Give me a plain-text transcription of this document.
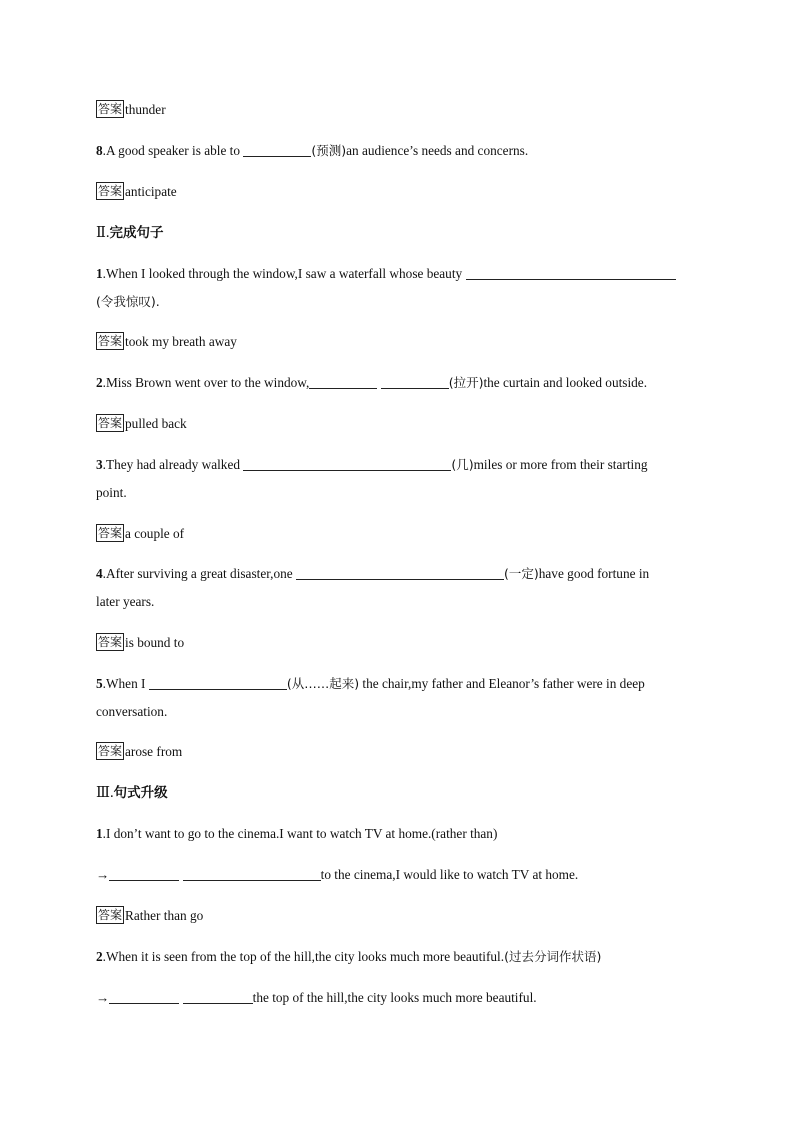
答案 thunder
8.A good speaker is able to	(预测)an audience’s needs and concerns.
答案 anticipate
Ⅱ.完成句子
1.When I looked through the window,I saw a waterfall whose beauty
(令我惊叹).
答案 took my breath away
2.Miss Brown went over to the window,	(拉开)the curtain and looked outside.
答案 pulled back
3.They had already walked	(几)miles or more from their starting
point.
答案 a couple of
4.After surviving a great disaster,one	(一定)have good fortune in
later years.
答案 is bound to
5.When I	(从……起来) the chair,my father and Eleanor’s father were in deep
conversation.
答案 arose from
Ⅲ.句式升级
1.I don’t want to go to the cinema.I want to watch TV at home.(rather than)
→	to the cinema,I would like to watch TV at home.
答案 Rather than go
2.When it is seen from the top of the hill,the city looks much more beautiful.(过去分词作状语)
→	the top of the hill,the city looks much more beautiful.
